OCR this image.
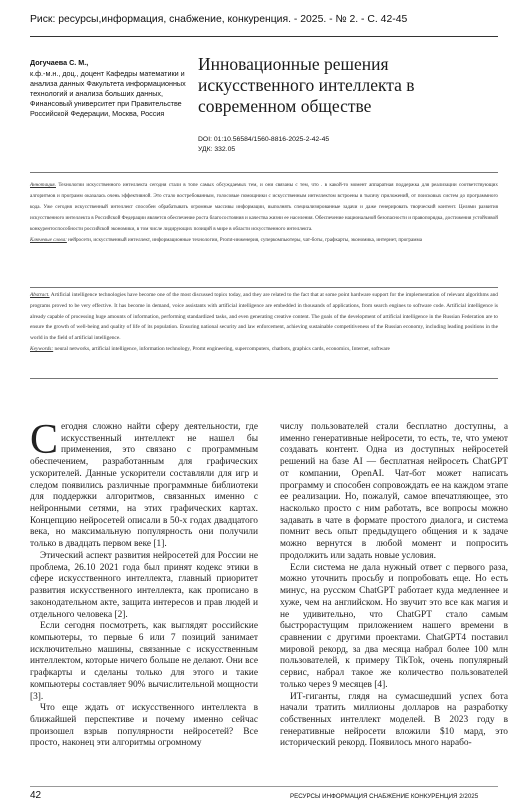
Риск: ресурсы,информация, снабжение, конкуренция. - 2025. - № 2. - С. 42-45
Догучаева С. М.,
к.ф.-м.н., доц., доцент Кафедры математики и анализа данных Факультета информационных технологий и анализа больших данных, Финансовый университет при Правительстве Российской Федерации, Москва, Россия
Инновационные решения искусственного интеллекта в современном обществе
DOI: 01:10.56584/1560-8816-2025-2-42-45
УДК: 332.05
Аннотация. Технологии искусственного интеллекта сегодня стали в топе самых обсуждаемых тем, и они связаны с тем, что . в какой-то момент аппаратная поддержка для реализации соответствующих алгоритмов и программ оказалась очень эффективной. Это стало востребованным, голосовые помощники с искусственным интеллектом встроены в тысячу приложений, от поисковых систем до программного кода. Уже сегодня искусственный интеллект способен обрабатывать огромные массивы информации, выполнять специализированные задачи и даже генерировать творческий контент. Целями развития искусственного интеллекта в Российской Федерации является обеспечение роста благосостояния и качества жизни ее населения. Обеспечение национальной безопасности и правопорядка, достижения устойчивой конкурентоспособности российской экономики, в том числе лидирующих позиций в мире в области искусственного интеллекта.
Ключевые слова: нейросети, искусственный интеллект, информационные технологии, Promt-инженерия, суперкомпьютеры, чат-боты, графкарты, экономика, интернет, программа
Abstract. Artificial intelligence technologies have become one of the most discussed topics today, and they are related to the fact that at some point hardware support for the implementation of relevant algorithms and programs proved to be very effective. It has become in demand, voice assistants with artificial intelligence are embedded in thousands of applications, from search engines to software code. Artificial intelligence is already capable of processing huge amounts of information, performing standardized tasks, and even generating creative content. The goals of the development of artificial intelligence in the Russian Federation are to ensure the growth of well-being and quality of life of its population. Ensuring national security and law enforcement, achieving sustainable competitiveness of the Russian economy, including leading positions in the world in the field of artificial intelligence.
Keywords: neural networks, artificial intelligence, information technology, Promt engineering, supercomputers, chatbots, graphics cards, economics, Internet, software

Сегодня сложно найти сферу деятельности, где искусственный интеллект не нашел бы применения, это связано с программным обеспечением, разработанным для графических ускорителей. Данные ускорители составляли для игр и следом появились различные программные библиотеки для поддержки алгоритмов, связанных именно с нейронными сетями, на этих графических картах. Концепцию нейросетей описали в 50-х годах двадцатого века, но максимальную популярность они получили только в двадцать первом веке [1].

Этический аспект развития нейросетей для России не проблема, 26.10 2021 года был принят кодекс этики в сфере искусственного интеллекта, главный приоритет развития искусственного интеллекта, как прописано в законодательном акте, защита интересов и прав людей и отдельного человека [2].

Если сегодня посмотреть, как выглядят российские компьютеры, то первые 6 или 7 позиций занимает исключительно машины, связанные с искусственным интеллектом, которые ничего больше не делают. Они все графкарты и сделаны только для этого и такие компьютеры составляет 90% вычислительной мощности [3].

Что еще ждать от искусственного интеллекта в ближайшей перспективе и почему именно сейчас произошел взрыв популярности нейросетей? Все просто, наконец эти алгоритмы огромному

числу пользователей стали бесплатно доступны, а именно генеративные нейросети, то есть, те, что умеют создавать контент. Одна из доступных нейросетей решений на базе AI — бесплатная нейросеть ChatGPT от компании, OpenAI. Чат-бот может написать программу и способен сопровождать ее на каждом этапе ее реализации. Но, пожалуй, самое впечатляющее, это насколько просто с ним работать, все вопросы можно задавать в чате в формате простого диалога, и система помнит весь опыт предыдущего общения и к задаче можно вернутся в любой момент и попросить продолжить или задать новые условия.

Если система не дала нужный ответ с первого раза, можно уточнить просьбу и попробовать еще. Но есть минус, на русском ChatGPT работает куда медленнее и хуже, чем на английском. Но звучит это все как магия и не удивительно, что ChatGPT стало самым быстрорастущим приложением нашего времени в сравнении с другими проектами. ChatGPT4 поставил мировой рекорд, за два месяца набрал более 100 млн пользователей, к примеру TikTok, очень популярный сервис, набрал такое же количество пользователей только через 9 месяцев [4].

ИТ-гиганты, глядя на сумасшедший успех бота начали тратить миллионы долларов на разработку собственных интеллект моделей. В 2023 году в генеративные нейросети вложили $10 мард, это исторический рекорд. Появилось много нарабо-

42	РЕСУРСЫ ИНФОРМАЦИЯ СНАБЖЕНИЕ КОНКУРЕНЦИЯ 2/2025
